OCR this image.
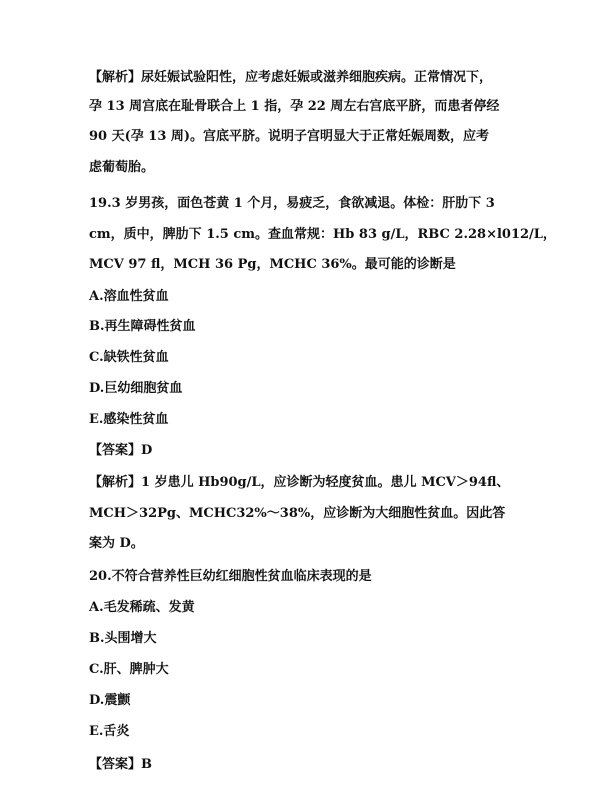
【解析】尿妊娠试验阳性，应考虑妊娠或滋养细胞疾病。正常情况下，
孕 13 周宫底在耻骨联合上 1 指，孕 22 周左右宫底平脐，而患者停经
90 天(孕 13 周)。宫底平脐。说明子宫明显大于正常妊娠周数，应考
虑葡萄胎。
19.3 岁男孩，面色苍黄 1 个月，易疲乏，食欲减退。体检：肝肋下 3
cm，质中，脾肋下 1.5 cm。查血常规：Hb 83 g/L，RBC 2.28×l012/L，
MCV 97 fl，MCH 36 Pg，MCHC 36%。最可能的诊断是
A.溶血性贫血
B.再生障碍性贫血
C.缺铁性贫血
D.巨幼细胞贫血
E.感染性贫血
【答案】D
【解析】1 岁患儿 Hb90g/L，应诊断为轻度贫血。患儿 MCV＞94fl、
MCH＞32Pg、MCHC32%～38%，应诊断为大细胞性贫血。因此答
案为 D。
20.不符合营养性巨幼红细胞性贫血临床表现的是
A.毛发稀疏、发黄
B.头围增大
C.肝、脾肿大
D.震颤
E.舌炎
【答案】B
